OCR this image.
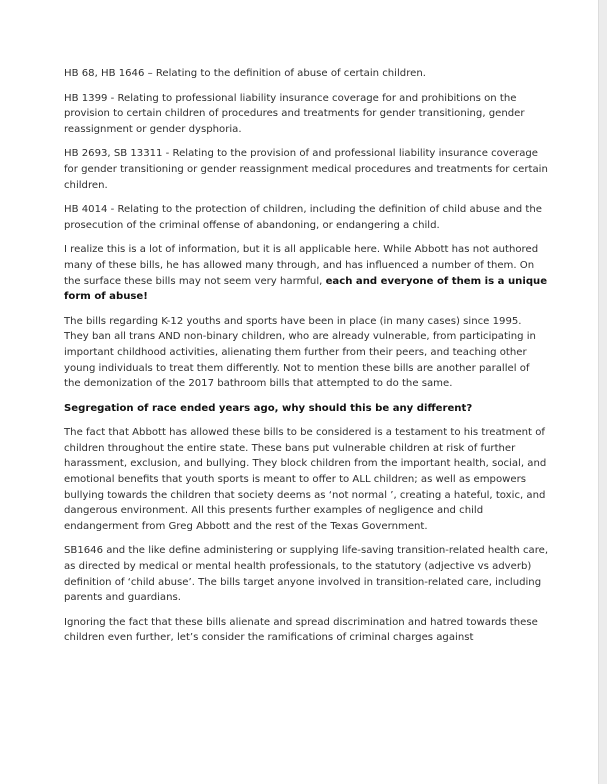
HB 68, HB 1646 – Relating to the definition of abuse of certain children.

HB 1399 - Relating to professional liability insurance coverage for and prohibitions on the provision to certain children of procedures and treatments for gender transitioning, gender reassignment or gender dysphoria.

HB 2693, SB 13311 - Relating to the provision of and professional liability insurance coverage for gender transitioning or gender reassignment medical procedures and treatments for certain children.

HB 4014 - Relating to the protection of children, including the definition of child abuse and the prosecution of the criminal offense of abandoning, or endangering a child.

I realize this is a lot of information, but it is all applicable here. While Abbott has not authored many of these bills, he has allowed many through, and has influenced a number of them. On the surface these bills may not seem very harmful, each and everyone of them is a unique form of abuse!

The bills regarding K-12 youths and sports have been in place (in many cases) since 1995. They ban all trans AND non-binary children, who are already vulnerable, from participating in important childhood activities, alienating them further from their peers, and teaching other young individuals to treat them differently. Not to mention these bills are another parallel of the demonization of the 2017 bathroom bills that attempted to do the same.

Segregation of race ended years ago, why should this be any different?

The fact that Abbott has allowed these bills to be considered is a testament to his treatment of children throughout the entire state. These bans put vulnerable children at risk of further harassment, exclusion, and bullying. They block children from the important health, social, and emotional benefits that youth sports is meant to offer to ALL children; as well as empowers bullying towards the children that society deems as ‘not normal ’, creating a hateful, toxic, and dangerous environment. All this presents further examples of negligence and child endangerment from Greg Abbott and the rest of the Texas Government.

SB1646 and the like define administering or supplying life-saving transition-related health care, as directed by medical or mental health professionals, to the statutory (adjective vs adverb) definition of ‘child abuse’. The bills target anyone involved in transition-related care, including parents and guardians.

Ignoring the fact that these bills alienate and spread discrimination and hatred towards these children even further, let’s consider the ramifications of criminal charges against
